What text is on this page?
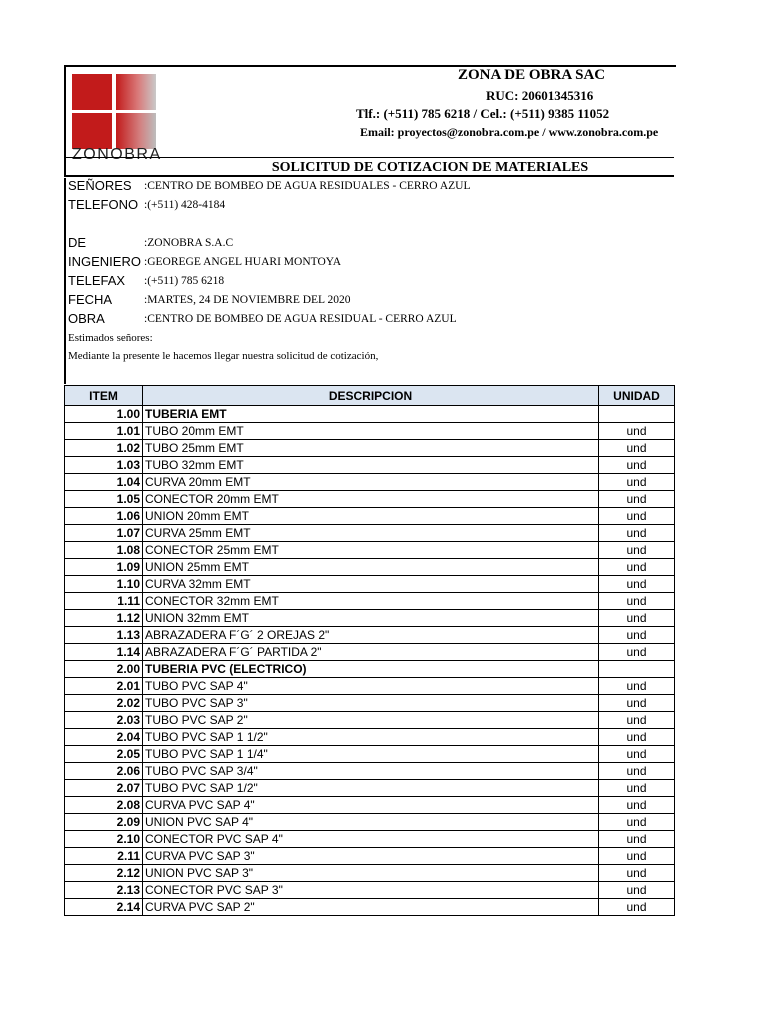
ZONOBRA
ZONA DE OBRA SAC
RUC: 20601345316
Tlf.: (+511) 785 6218 / Cel.: (+511) 9385 11052
Email: proyectos@zonobra.com.pe / www.zonobra.com.pe
SOLICITUD DE COTIZACION DE MATERIALES
SEÑORES :CENTRO DE BOMBEO DE AGUA RESIDUALES - CERRO AZUL
TELEFONO :(+511) 428-4184
DE	:ZONOBRA S.A.C
INGENIERO :GEOREGE ANGEL HUARI MONTOYA
TELEFAX :(+511) 785 6218
FECHA	:MARTES, 24 DE NOVIEMBRE DEL 2020
OBRA	:CENTRO DE BOMBEO DE AGUA RESIDUAL - CERRO AZUL
Estimados señores:
Mediante la presente le hacemos llegar nuestra solicitud de cotización,
ITEM	DESCRIPCION	UNIDAD
1.00	TUBERIA EMT	
1.01	TUBO 20mm EMT	und
1.02	TUBO 25mm EMT	und
1.03	TUBO 32mm EMT	und
1.04	CURVA 20mm EMT	und
1.05	CONECTOR 20mm EMT	und
1.06	UNION 20mm EMT	und
1.07	CURVA 25mm EMT	und
1.08	CONECTOR 25mm EMT	und
1.09	UNION 25mm EMT	und
1.10	CURVA 32mm EMT	und
1.11	CONECTOR 32mm EMT	und
1.12	UNION 32mm EMT	und
1.13	ABRAZADERA F´G´ 2 OREJAS 2"	und
1.14	ABRAZADERA F´G´ PARTIDA 2"	und
2.00	TUBERIA PVC (ELECTRICO)	
2.01	TUBO PVC SAP 4"	und
2.02	TUBO PVC SAP 3"	und
2.03	TUBO PVC SAP 2"	und
2.04	TUBO PVC SAP 1 1/2"	und
2.05	TUBO PVC SAP 1 1/4"	und
2.06	TUBO PVC SAP 3/4"	und
2.07	TUBO PVC SAP 1/2"	und
2.08	CURVA PVC SAP 4"	und
2.09	UNION PVC SAP 4"	und
2.10	CONECTOR PVC SAP 4"	und
2.11	CURVA PVC SAP 3"	und
2.12	UNION PVC SAP 3"	und
2.13	CONECTOR PVC SAP 3"	und
2.14	CURVA PVC SAP 2"	und
